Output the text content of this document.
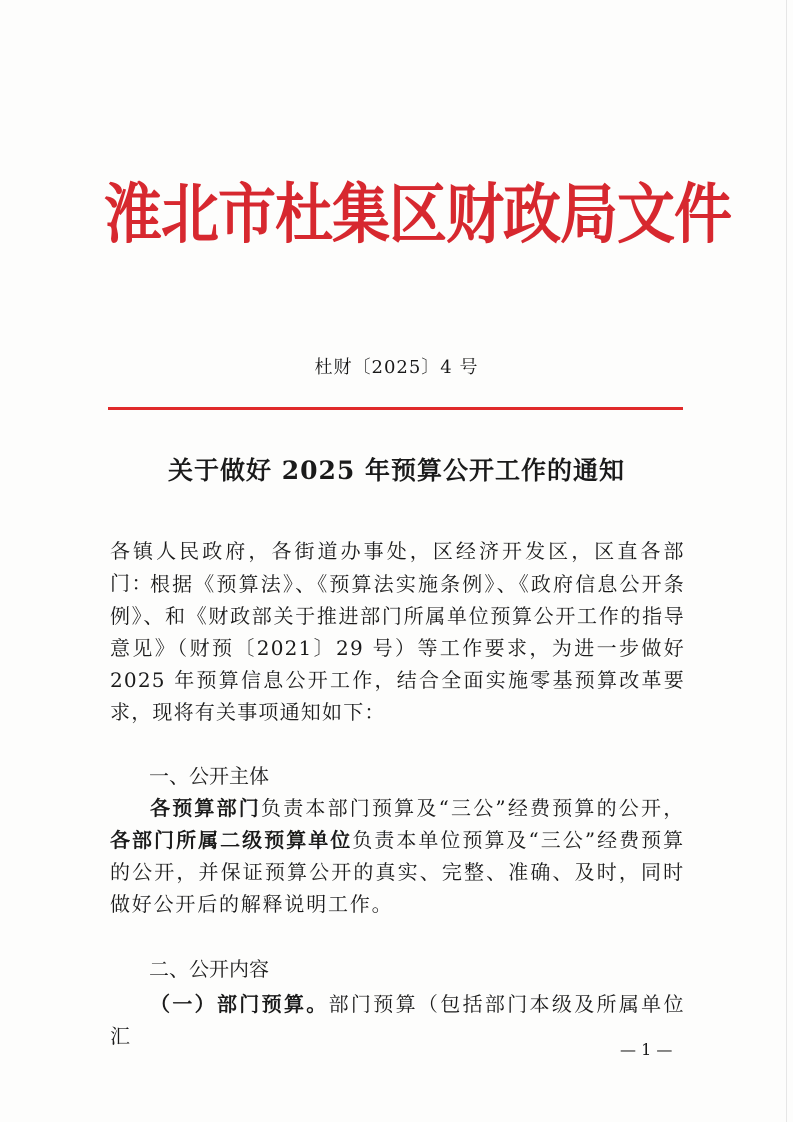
淮北市杜集区财政局文件
杜财〔2025〕4 号
关于做好 2025 年预算公开工作的通知
各镇人民政府，各街道办事处，区经济开发区，区直各部门：
根据《预算法》、《预算法实施条例》、《政府信息公开条例》、和《财政部关于推进部门所属单位预算公开工作的指导意见》（财预〔2021〕29 号）等工作要求，为进一步做好 2025 年预算信息公开工作，结合全面实施零基预算改革要求，现将有关事项通知如下：
一、公开主体
各预算部门负责本部门预算及“三公”经费预算的公开，各部门所属二级预算单位负责本单位预算及“三公”经费预算的公开，并保证预算公开的真实、完整、准确、及时，同时做好公开后的解释说明工作。
二、公开内容
（一）部门预算。部门预算（包括部门本级及所属单位汇
— 1 —
